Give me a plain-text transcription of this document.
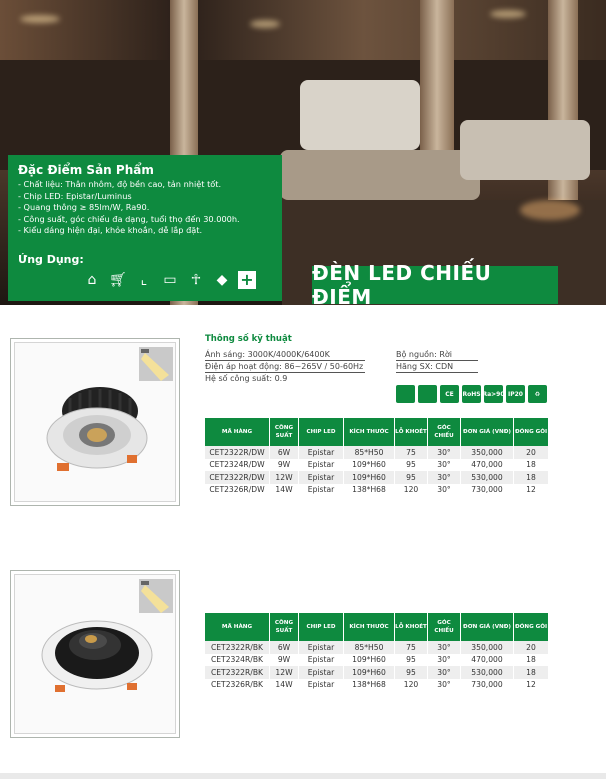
Đặc Điểm Sản Phẩm
- Chất liệu: Thân nhôm, độ bền cao, tản nhiệt tốt.
- Chip LED: Epistar/Luminus
- Quang thông ≥ 85lm/W, Ra90.
- Công suất, góc chiếu đa dạng, tuổi thọ đến 30.000h.
- Kiểu dáng hiện đại, khỏe khoắn, dễ lắp đặt.
Ứng Dụng:
⌂ 🛒︎ ⌞	▭	☥	◆ +	ĐÈN LED CHIẾU ĐIỂM
Thông số kỹ thuật
Ánh sáng: 3000K/4000K/6400K
Điện áp hoạt động: 86~265V / 50-60Hz
Hệ số công suất: 0.9
Bộ nguồn: Rời
Hãng SX: CDN
CE	RoHS Ra>90 IP20	♻
MÃ HÀNG	CÔNG SUẤT	CHIP LED	KÍCH THƯỚC	LỖ KHOÉT	GÓC CHIẾU	ĐƠN GIÁ (VNĐ)	ĐÓNG GÓI
CET2322R/DW	6W	Epistar	85*H50	75	30°	350,000	20
CET2324R/DW	9W	Epistar	109*H60	95	30°	470,000	18
CET2322R/DW	12W	Epistar	109*H60	95	30°	530,000	18
CET2326R/DW	14W	Epistar	138*H68	120	30°	730,000	12
MÃ HÀNG	CÔNG SUẤT	CHIP LED	KÍCH THƯỚC	LỖ KHOÉT	GÓC CHIẾU	ĐƠN GIÁ (VNĐ)	ĐÓNG GÓI
CET2322R/BK	6W	Epistar	85*H50	75	30°	350,000	20
CET2324R/BK	9W	Epistar	109*H60	95	30°	470,000	18
CET2322R/BK	12W	Epistar	109*H60	95	30°	530,000	18
CET2326R/BK	14W	Epistar	138*H68	120	30°	730,000	12
